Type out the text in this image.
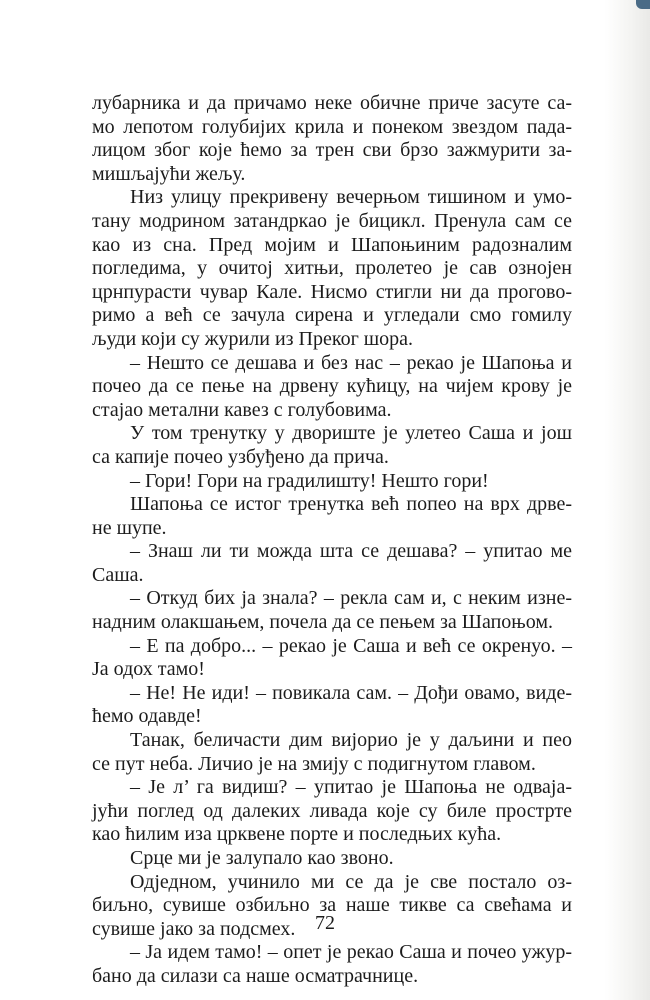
лубарника и да причамо неке обичне приче засуте са-
мо лепотом голубијих крила и понеком звездом пада-
лицом због које ћемо за трен сви брзо зажмурити за-
мишљајући жељу.
Низ улицу прекривену вечерњом тишином и умо-
тану модрином затандркао је бицикл. Пренула сам се
као из сна. Пред мојим и Шапоњиним радозналим
погледима, у очитој хитњи, пролетео је сав ознојен
црнпурасти чувар Кале. Нисмо стигли ни да прогово-
римо а већ се зачула сирена и угледали смо гомилу
људи који су журили из Преког шора.
– Нешто се дешава и без нас – рекао је Шапоња и
почео да се пење на дрвену кућицу, на чијем крову је
стајао метални кавез с голубовима.
У том тренутку у двориште је улетео Саша и још
са капије почео узбуђено да прича.
– Гори! Гори на градилишту! Нешто гори!
Шапоња се истог тренутка већ попео на врх дрве-
не шупе.
– Знаш ли ти можда шта се дешава? – упитао ме
Саша.
– Откуд бих ја знала? – рекла сам и, с неким изне-
надним олакшањем, почела да се пењем за Шапоњом.
– Е па добро... – рекао је Саша и већ се окренуо. –
Ја одох тамо!
– Не! Не иди! – повикала сам. – Дођи овамо, виде-
ћемо одавде!
Танак, беличасти дим вијорио је у даљини и пео
се пут неба. Личио је на змију с подигнутом главом.
– Је л’ га видиш? – упитао је Шапоња не одваја-
јући поглед од далеких ливада које су биле прострте
као ћилим иза црквене порте и последњих кућа.
Срце ми је залупало као звоно.
Одједном, учинило ми се да је све постало оз-
биљно, сувише озбиљно за наше тикве са свећама и
сувише јако за подсмех.
– Ја идем тамо! – опет је рекао Саша и почео ужур-
бано да силази са наше осматрачнице.
72
